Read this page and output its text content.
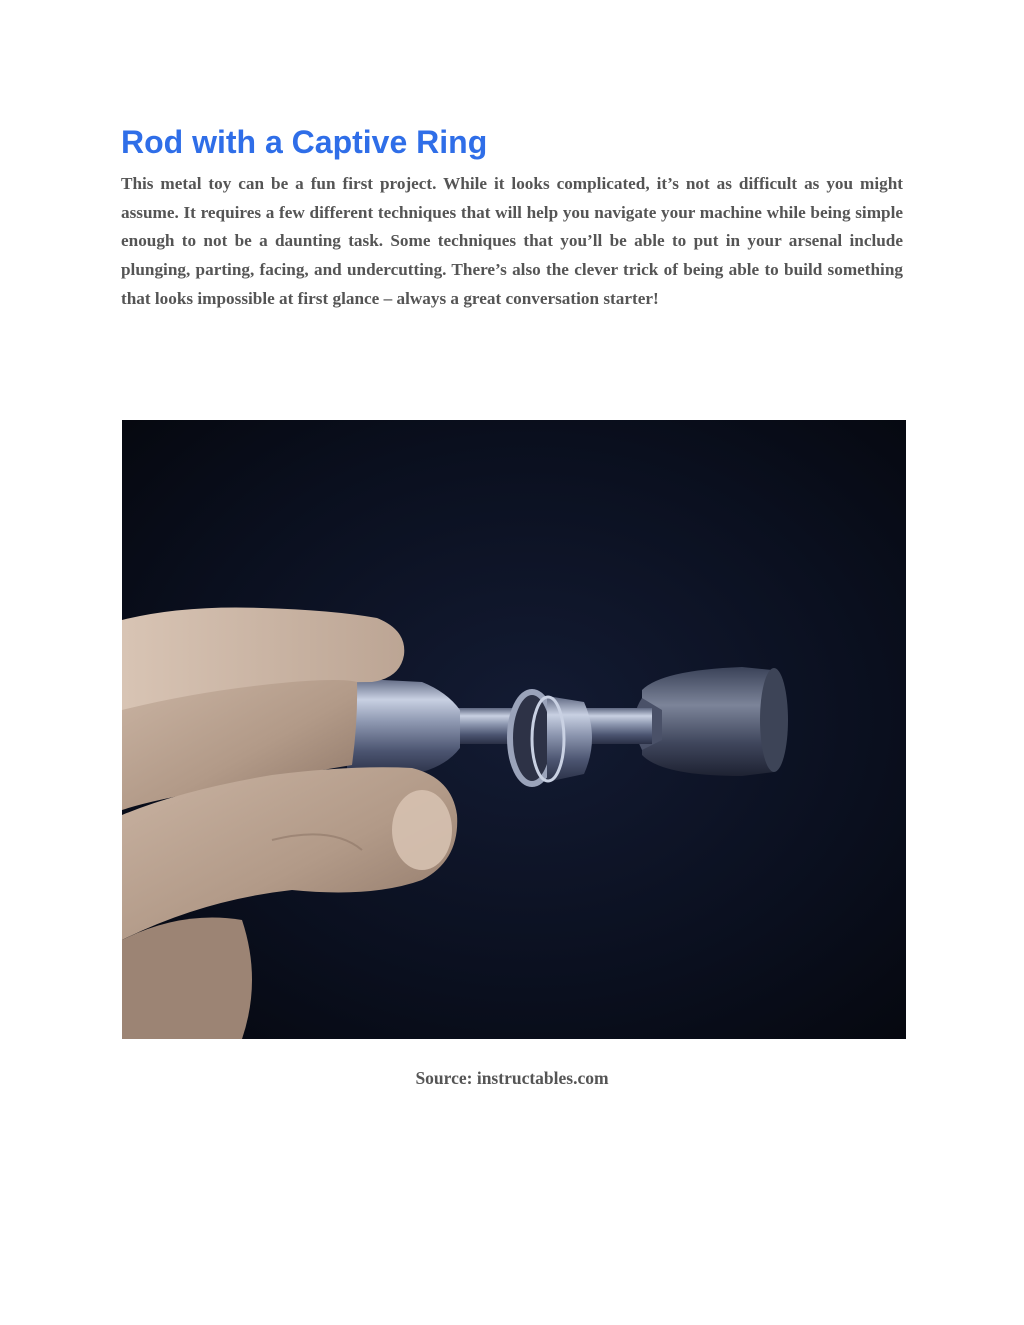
Rod with a Captive Ring

This metal toy can be a fun first project. While it looks complicated, it’s not as difficult as you might assume. It requires a few different techniques that will help you navigate your machine while being simple enough to not be a daunting task. Some techniques that you’ll be able to put in your arsenal include plunging, parting, facing, and undercutting. There’s also the clever trick of being able to build something that looks impossible at first glance – always a great conversation starter!

Source: instructables.com
